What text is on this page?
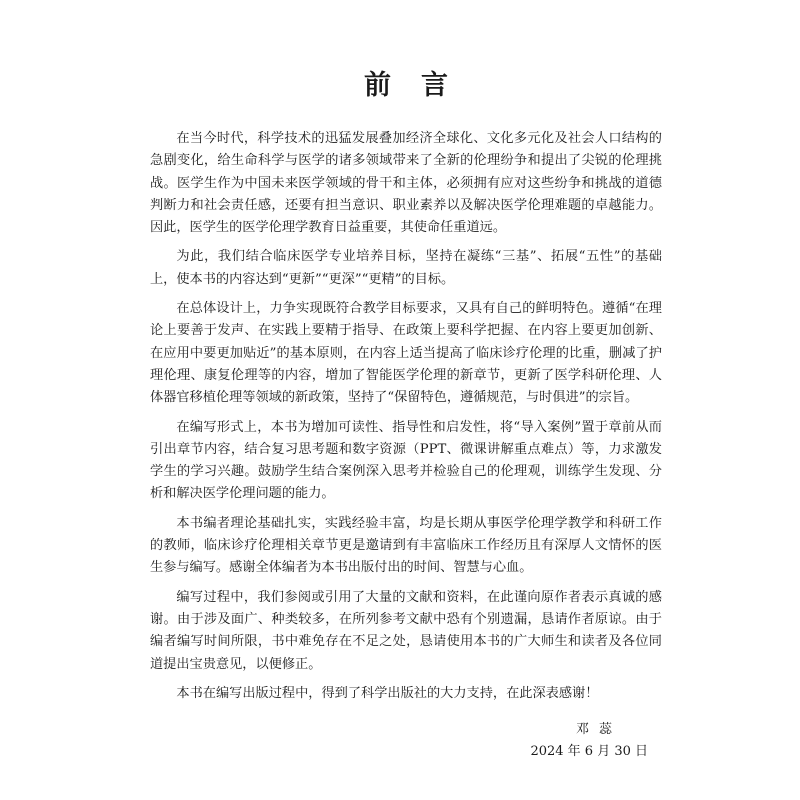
前言

在当今时代，科学技术的迅猛发展叠加经济全球化、文化多元化及社会人口结构的急剧变化，给生命科学与医学的诸多领域带来了全新的伦理纷争和提出了尖锐的伦理挑战。医学生作为中国未来医学领域的骨干和主体，必须拥有应对这些纷争和挑战的道德判断力和社会责任感，还要有担当意识、职业素养以及解决医学伦理难题的卓越能力。因此，医学生的医学伦理学教育日益重要，其使命任重道远。

为此，我们结合临床医学专业培养目标，坚持在凝练“三基”、拓展“五性”的基础上，使本书的内容达到“更新”“更深”“更精”的目标。

在总体设计上，力争实现既符合教学目标要求，又具有自己的鲜明特色。遵循“在理论上要善于发声、在实践上要精于指导、在政策上要科学把握、在内容上要更加创新、在应用中要更加贴近”的基本原则，在内容上适当提高了临床诊疗伦理的比重，删减了护理伦理、康复伦理等的内容，增加了智能医学伦理的新章节，更新了医学科研伦理、人体器官移植伦理等领域的新政策，坚持了“保留特色，遵循规范，与时俱进”的宗旨。

在编写形式上，本书为增加可读性、指导性和启发性，将“导入案例”置于章前从而引出章节内容，结合复习思考题和数字资源（PPT、微课讲解重点难点）等，力求激发学生的学习兴趣。鼓励学生结合案例深入思考并检验自己的伦理观，训练学生发现、分析和解决医学伦理问题的能力。

本书编者理论基础扎实，实践经验丰富，均是长期从事医学伦理学教学和科研工作的教师，临床诊疗伦理相关章节更是邀请到有丰富临床工作经历且有深厚人文情怀的医生参与编写。感谢全体编者为本书出版付出的时间、智慧与心血。

编写过程中，我们参阅或引用了大量的文献和资料，在此谨向原作者表示真诚的感谢。由于涉及面广、种类较多，在所列参考文献中恐有个别遗漏，恳请作者原谅。由于编者编写时间所限，书中难免存在不足之处，恳请使用本书的广大师生和读者及各位同道提出宝贵意见，以便修正。

本书在编写出版过程中，得到了科学出版社的大力支持，在此深表感谢！

邓蕊
2024 年 6 月 30 日
